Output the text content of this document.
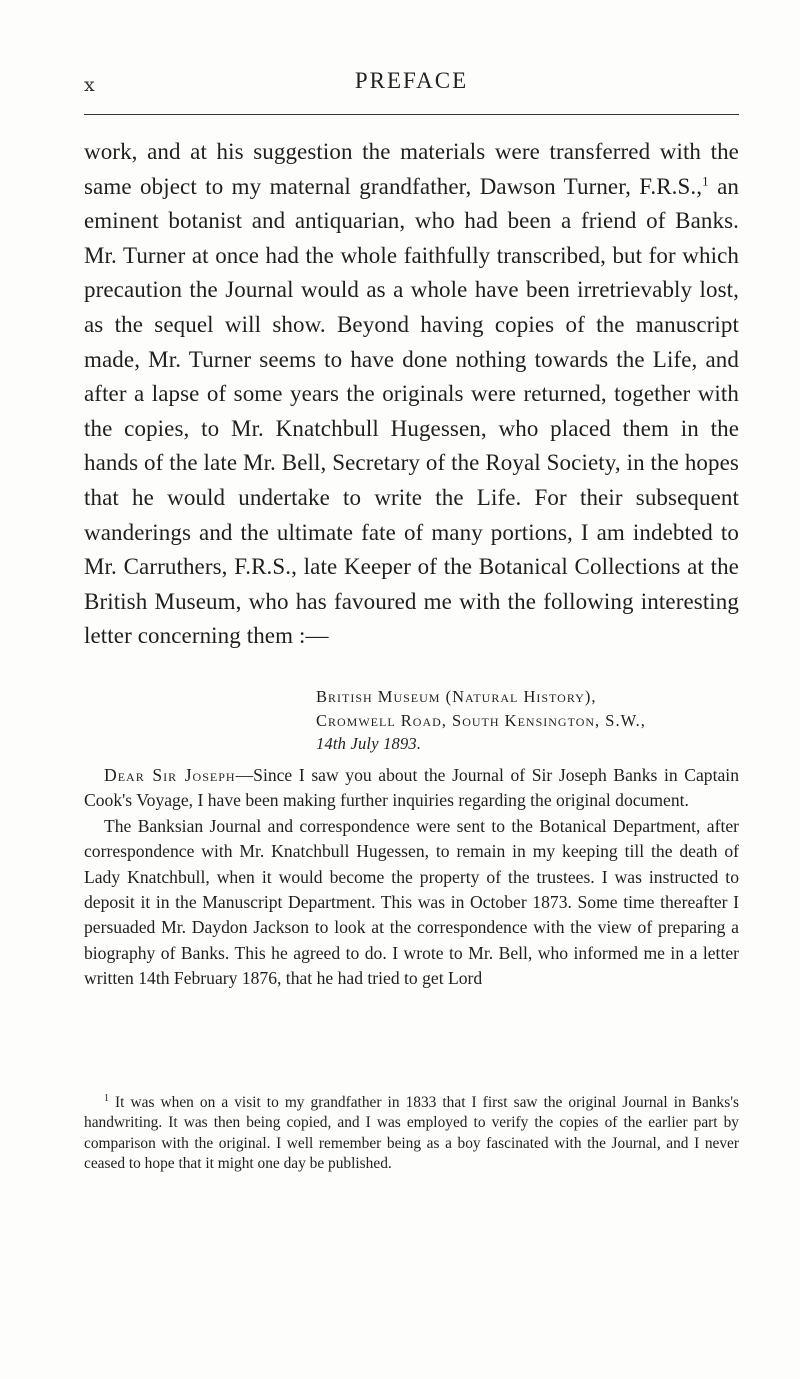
x	PREFACE

work, and at his suggestion the materials were transferred with the same object to my maternal grandfather, Dawson Turner, F.R.S.,$^1$ an eminent botanist and antiquarian, who had been a friend of Banks. Mr. Turner at once had the whole faithfully transcribed, but for which precaution the Journal would as a whole have been irretrievably lost, as the sequel will show. Beyond having copies of the manuscript made, Mr. Turner seems to have done nothing towards the Life, and after a lapse of some years the originals were returned, together with the copies, to Mr. Knatchbull Hugessen, who placed them in the hands of the late Mr. Bell, Secretary of the Royal Society, in the hopes that he would undertake to write the Life. For their subsequent wanderings and the ultimate fate of many portions, I am indebted to Mr. Carruthers, F.R.S., late Keeper of the Botanical Collections at the British Museum, who has favoured me with the following interesting letter concerning them :—

British Museum (Natural History),
Cromwell Road, South Kensington, S.W.,
14th July 1893.

Dear Sir Joseph—Since I saw you about the Journal of Sir Joseph Banks in Captain Cook's Voyage, I have been making further inquiries regarding the original document.

The Banksian Journal and correspondence were sent to the Botanical Department, after correspondence with Mr. Knatchbull Hugessen, to remain in my keeping till the death of Lady Knatchbull, when it would become the property of the trustees. I was instructed to deposit it in the Manuscript Department. This was in October 1873. Some time thereafter I persuaded Mr. Daydon Jackson to look at the correspondence with the view of preparing a biography of Banks. This he agreed to do. I wrote to Mr. Bell, who informed me in a letter written 14th February 1876, that he had tried to get Lord

$^1$ It was when on a visit to my grandfather in 1833 that I first saw the original Journal in Banks's handwriting. It was then being copied, and I was employed to verify the copies of the earlier part by comparison with the original. I well remember being as a boy fascinated with the Journal, and I never ceased to hope that it might one day be published.
